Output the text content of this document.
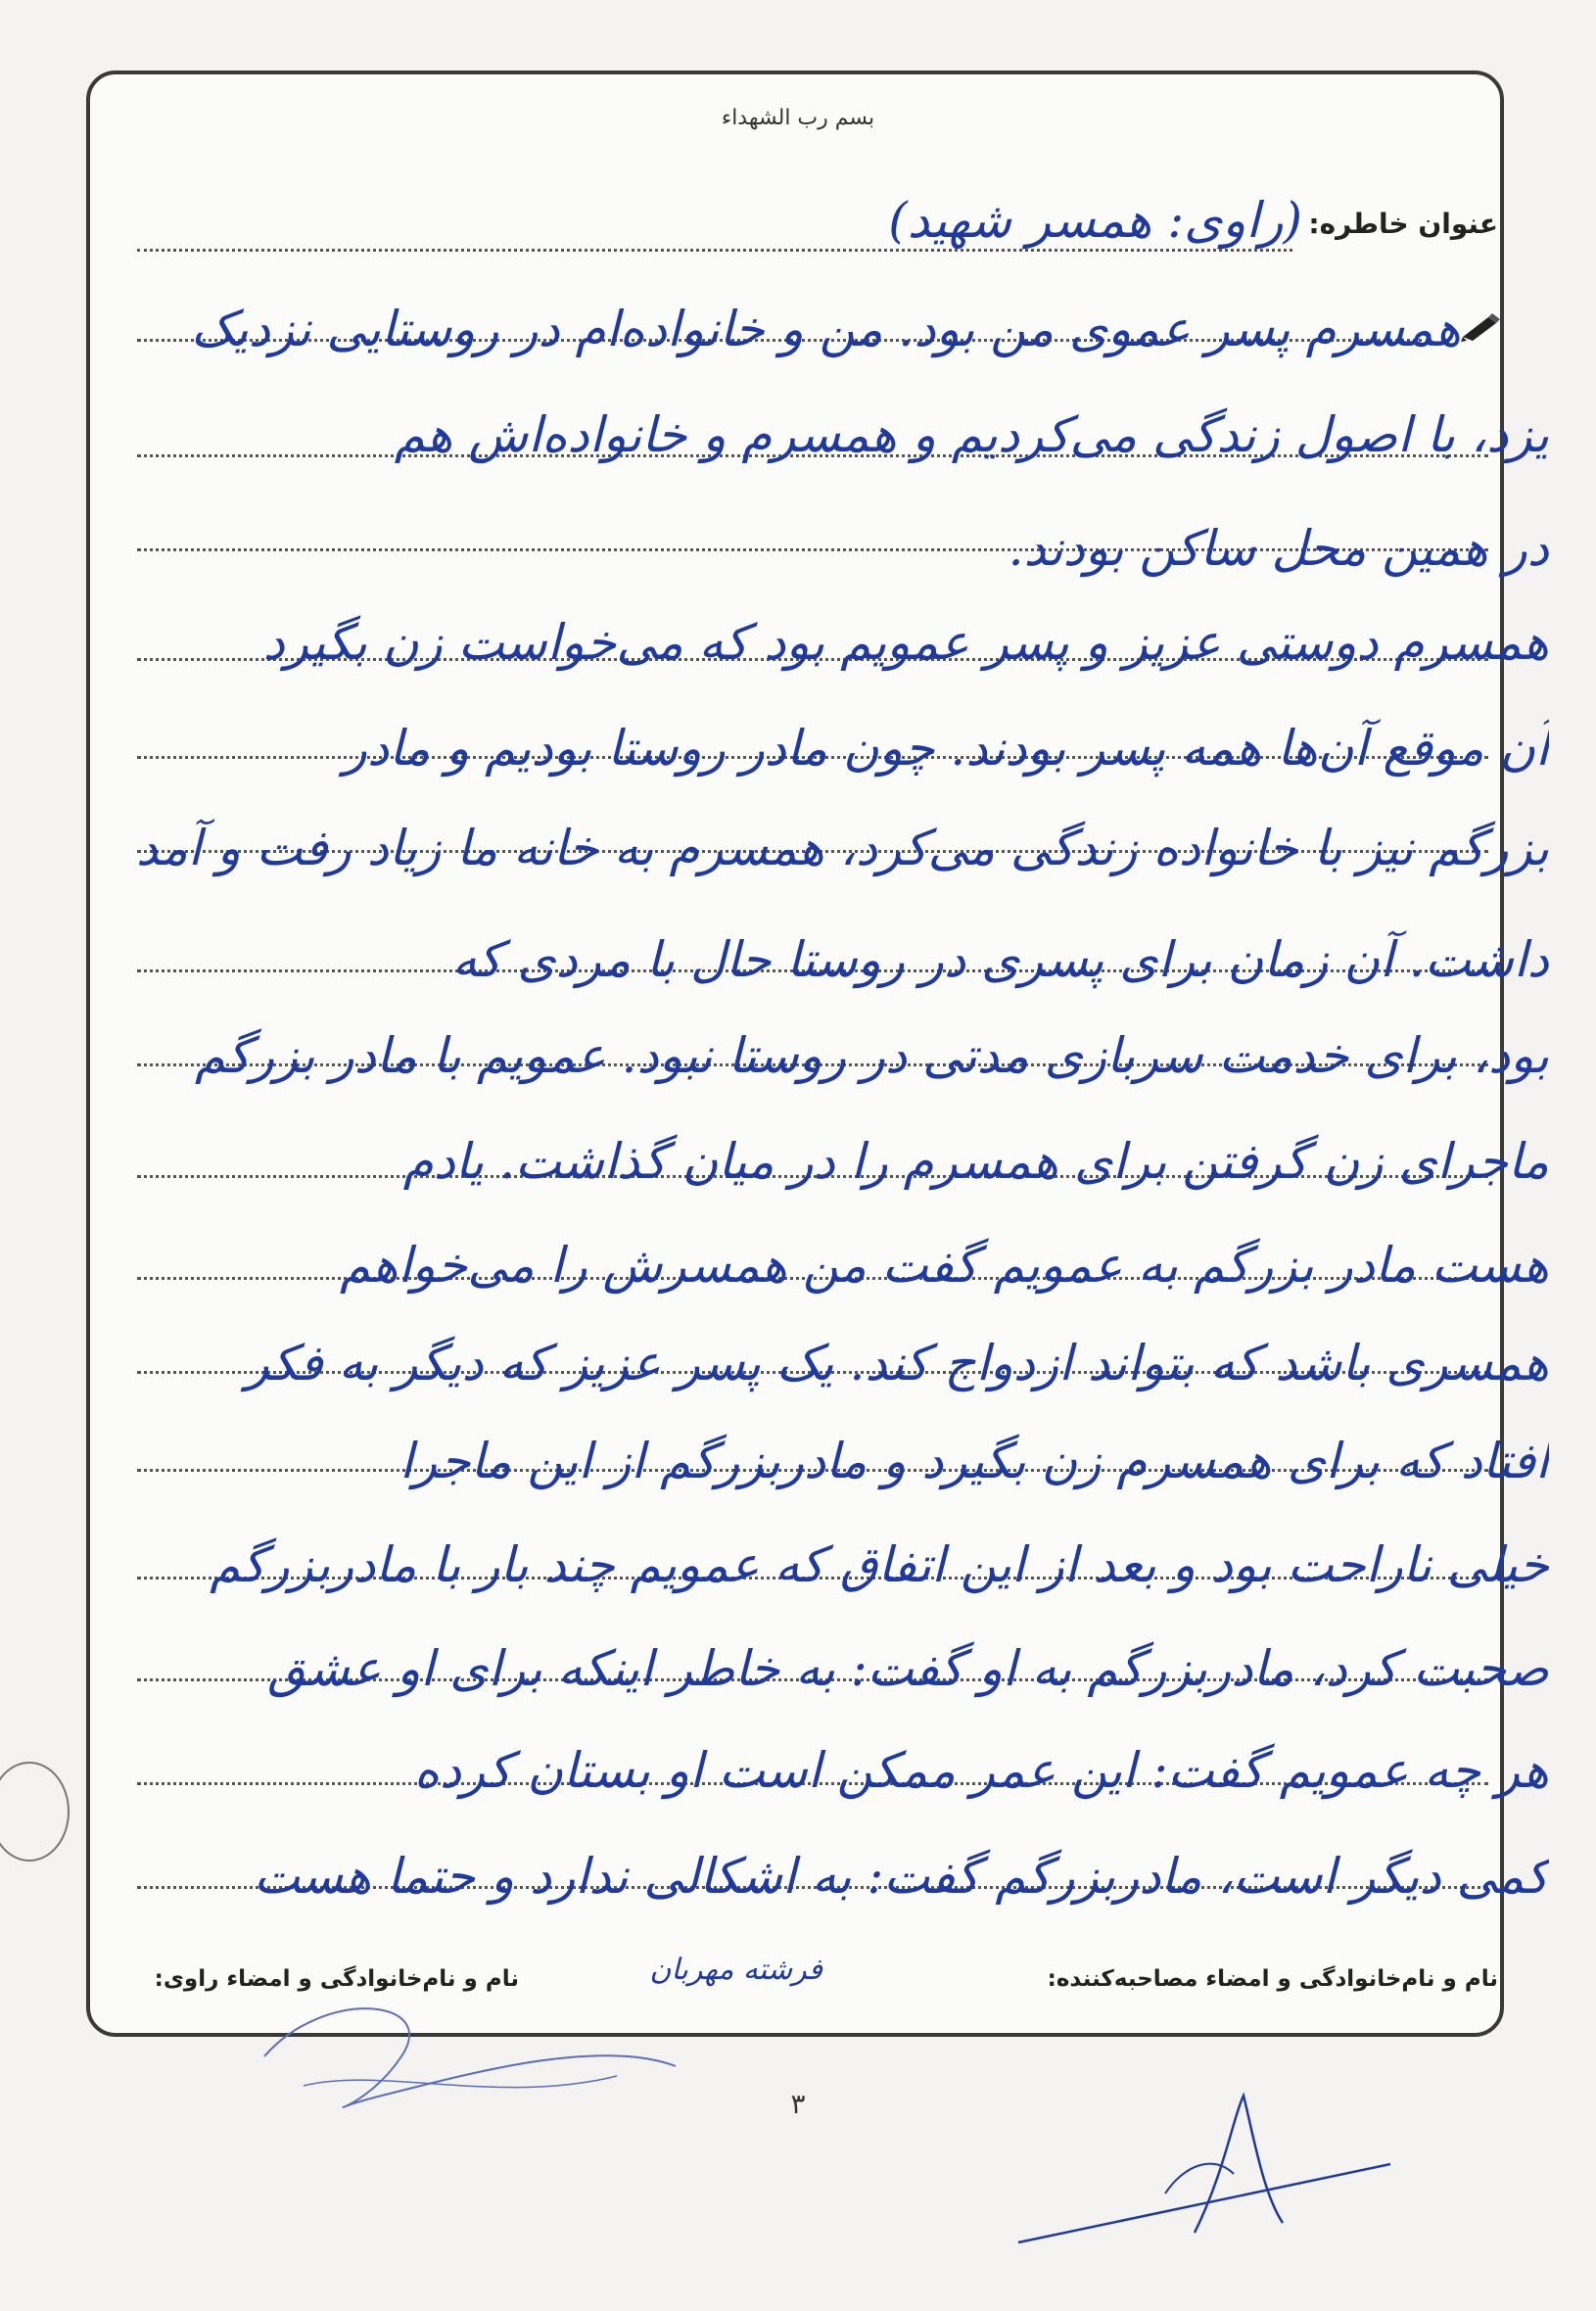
بسم رب الشهداء
عنوان خاطره:
(راوی: همسر شهید)
همسرم پسر عموی من بود. من و خانواده‌ام در روستایی نزدیک
یزد، با اصول زندگی می‌کردیم و همسرم و خانواده‌اش هم
در همین محل ساکن بودند.
همسرم دوستی عزیز و پسر عمویم بود که می‌خواست زن بگیرد
آن موقع آن‌ها همه پسر بودند. چون مادر روستا بودیم و مادر
بزرگم نیز با خانواده زندگی می‌کرد، همسرم به خانه ما زیاد رفت و آمد
داشت. آن زمان برای پسری در روستا حال با مردی که
بود، برای خدمت سربازی مدتی در روستا نبود. عمویم با مادر بزرگم
ماجرای زن گرفتن برای همسرم را در میان گذاشت. یادم
هست مادر بزرگم به عمویم گفت من همسرش را می‌خواهم
همسری باشد که بتواند ازدواج کند. یک پسر عزیز که دیگر به فکر
افتاد که برای همسرم زن بگیرد و مادربزرگم از این ماجرا
خیلی ناراحت بود و بعد از این اتفاق که عمویم چند بار با مادربزرگم
صحبت کرد، مادربزرگم به او گفت: به خاطر اینکه برای او عشق
هر چه عمویم گفت: این عمر ممکن است او بستان کرده
کمی دیگر است، مادربزرگم گفت: به اشکالی ندارد و حتما هست
نام و نام‌خانوادگی و امضاء مصاحبه‌کننده:
فرشته مهربان
نام و نام‌خانوادگی و امضاء راوی:
۳
